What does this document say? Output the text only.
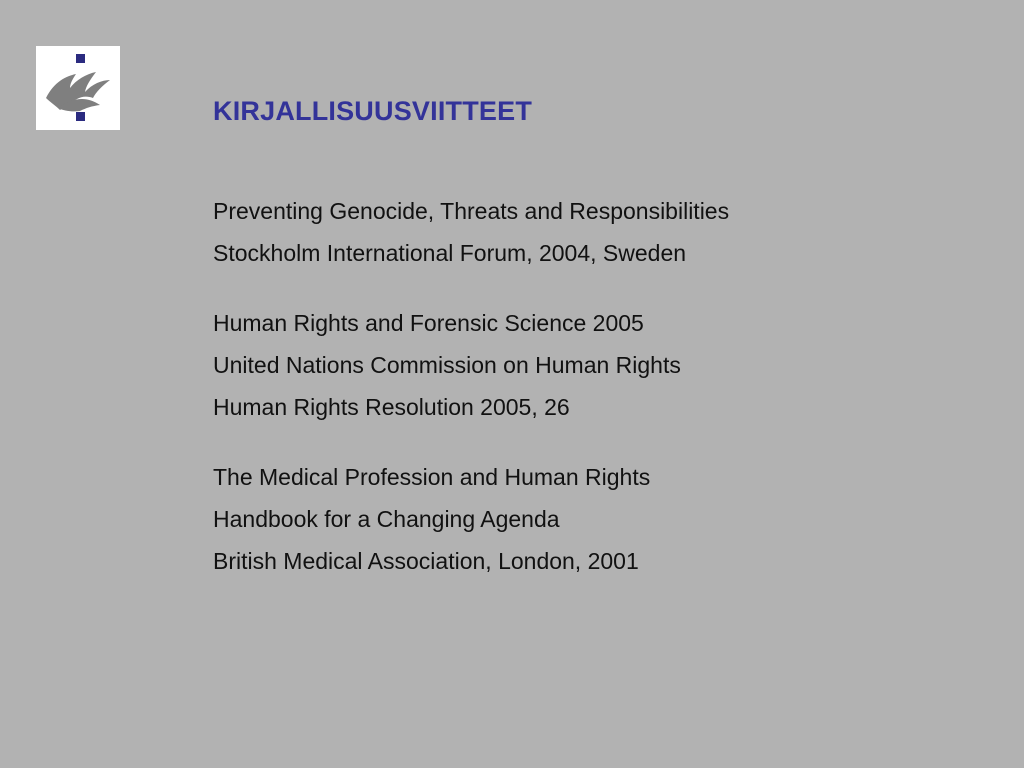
KIRJALLISUUSVIITTEET
Preventing Genocide, Threats and Responsibilities
Stockholm International Forum, 2004, Sweden
Human Rights and Forensic Science 2005
United Nations Commission on Human Rights
Human Rights Resolution 2005, 26
The Medical Profession and Human Rights
Handbook for a Changing Agenda
British Medical Association, London, 2001
